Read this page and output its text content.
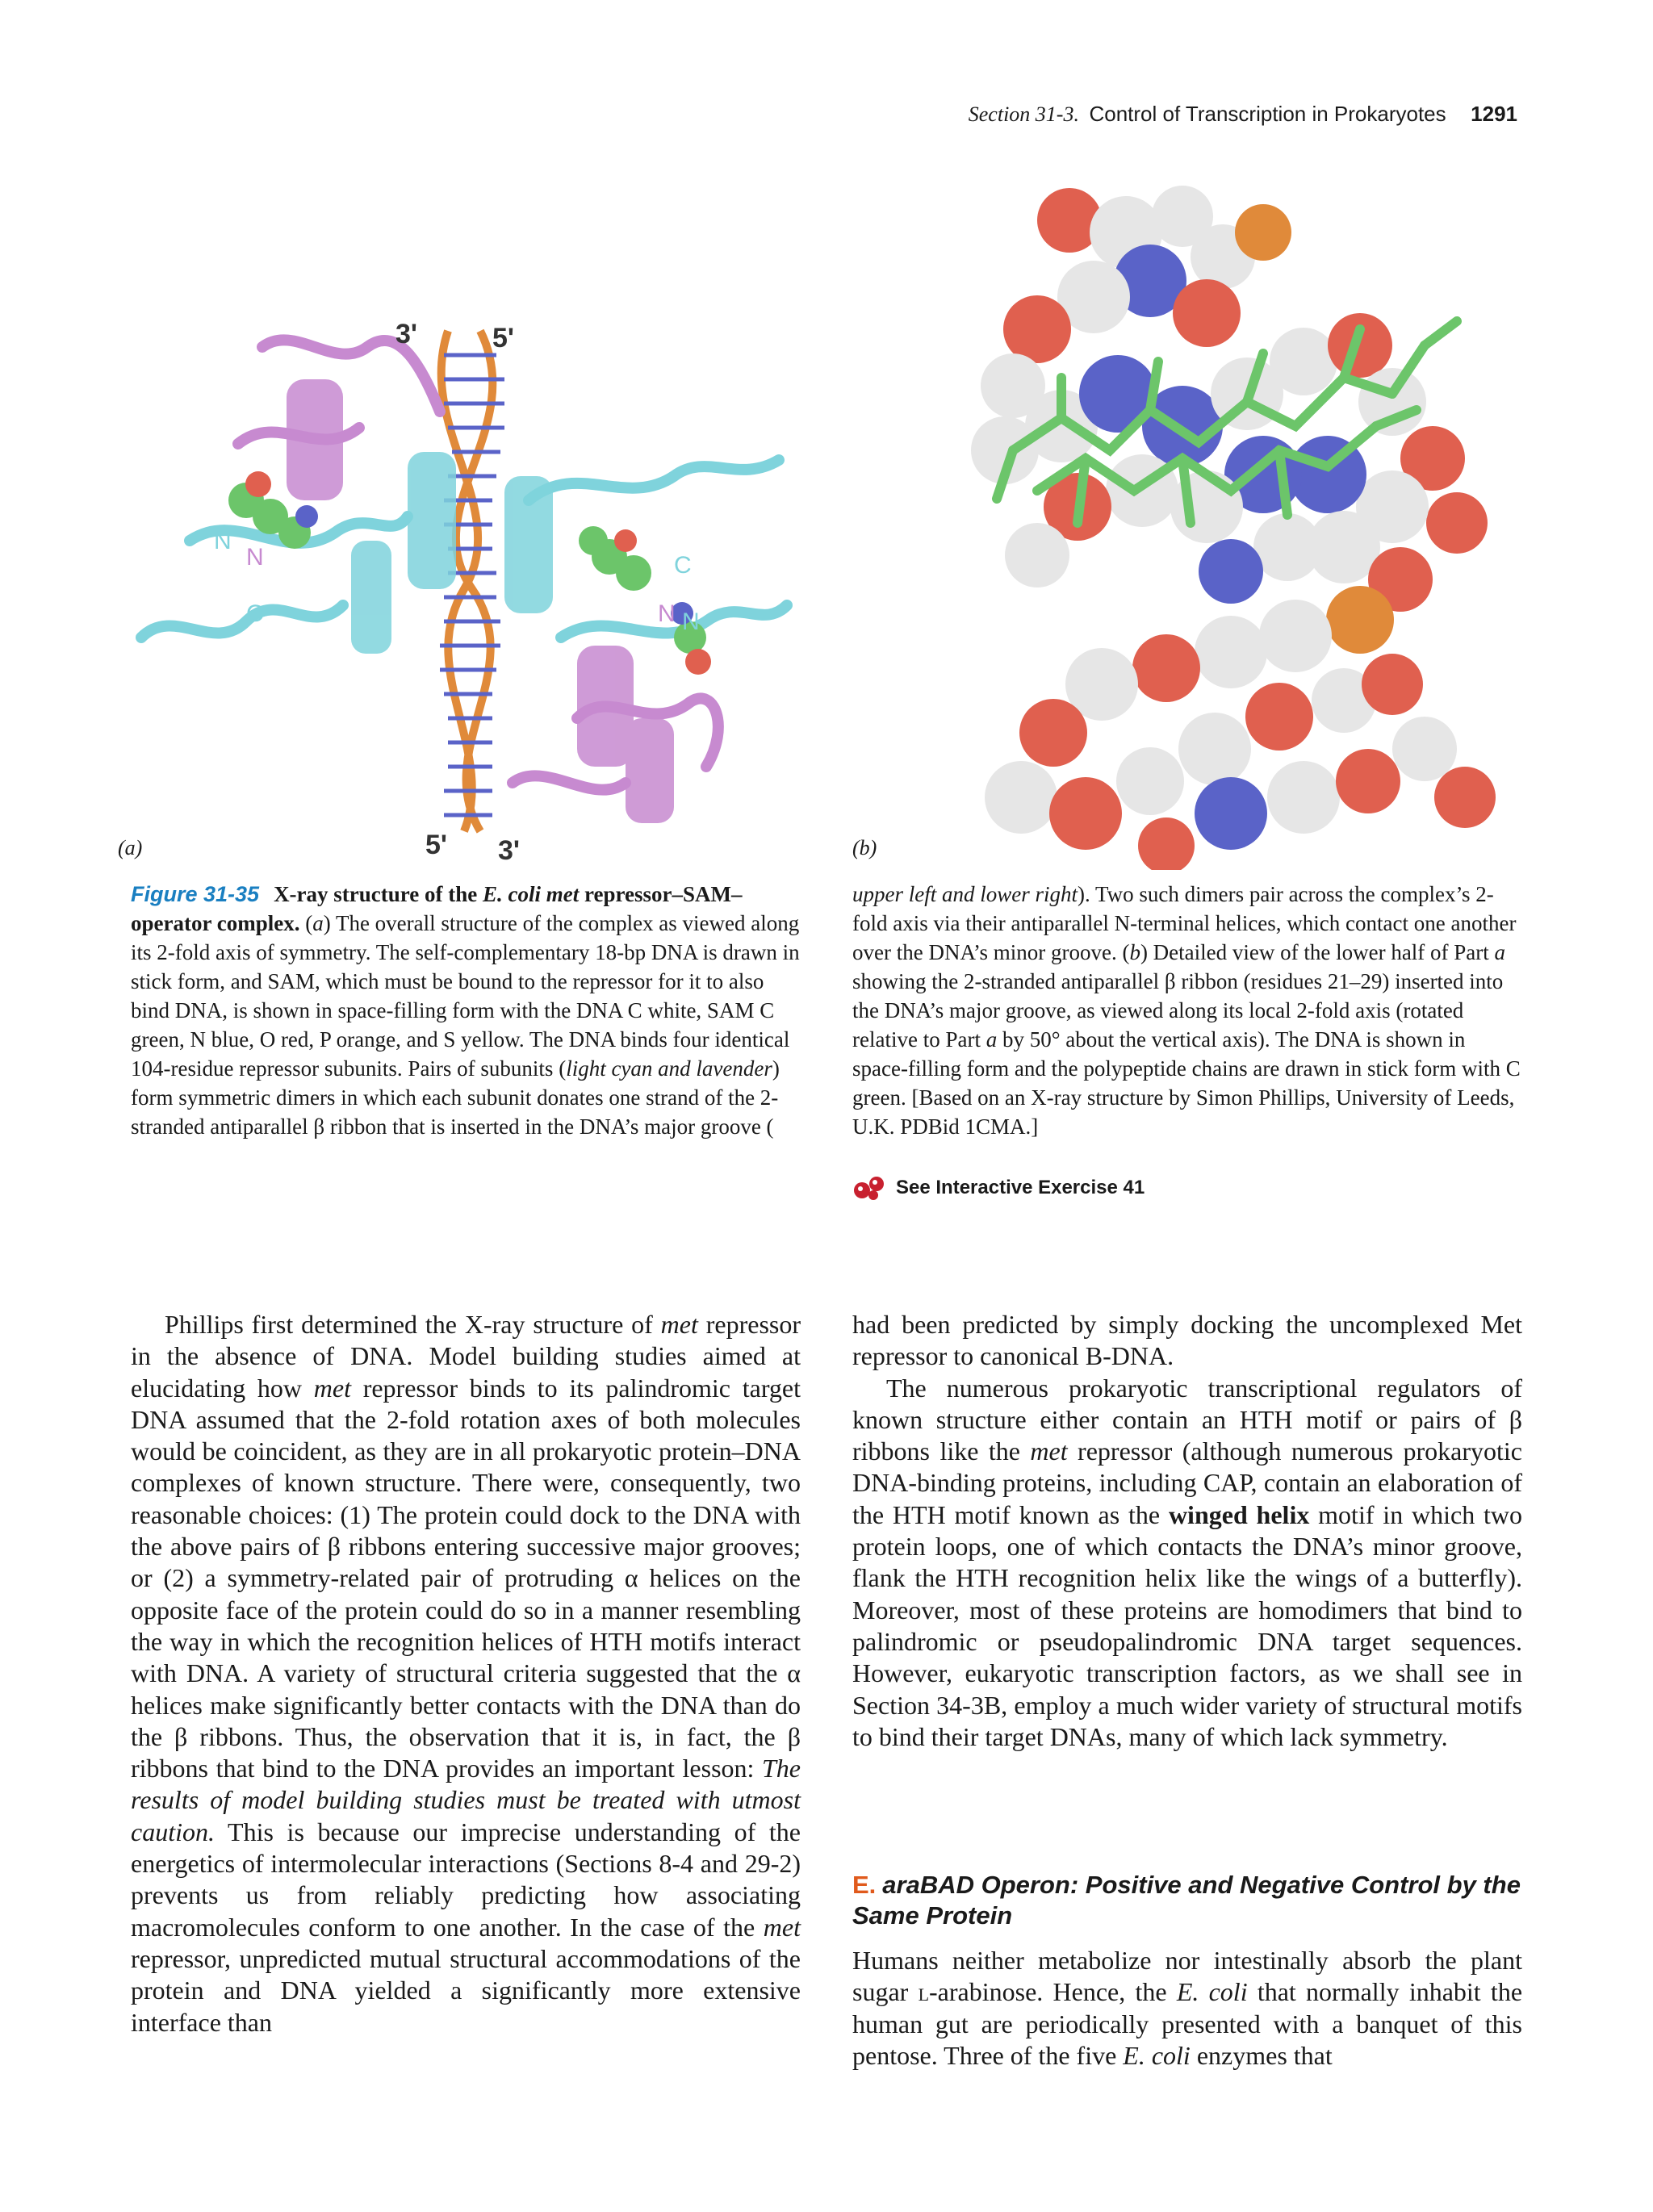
Section 31-3. Control of Transcription in Prokaryotes 1291
3'	5'
5' 3'
N
N
C
C
N N
(a)	(b)
Figure 31-35 X-ray structure of the E. coli met repressor–SAM–operator complex. (a) The overall structure of the complex as viewed along its 2-fold axis of symmetry. The self-complementary 18-bp DNA is drawn in stick form, and SAM, which must be bound to the repressor for it to also bind DNA, is shown in space-filling form with the DNA C white, SAM C green, N blue, O red, P orange, and S yellow. The DNA binds four identical 104-residue repressor subunits. Pairs of subunits (light cyan and lavender) form symmetric dimers in which each subunit donates one strand of the 2-stranded antiparallel β ribbon that is inserted in the DNA’s major groove (
upper left and lower right). Two such dimers pair across the complex’s 2-fold axis via their antiparallel N-terminal helices, which contact one another over the DNA’s minor groove. (b) Detailed view of the lower half of Part a showing the 2-stranded antiparallel β ribbon (residues 21–29) inserted into the DNA’s major groove, as viewed along its local 2-fold axis (rotated relative to Part a by 50° about the vertical axis). The DNA is shown in space-filling form and the polypeptide chains are drawn in stick form with C green. [Based on an X-ray structure by Simon Phillips, University of Leeds, U.K. PDBid 1CMA.]
See Interactive Exercise 41

Phillips first determined the X-ray structure of met repressor in the absence of DNA. Model building studies aimed at elucidating how met repressor binds to its palindromic target DNA assumed that the 2-fold rotation axes of both molecules would be coincident, as they are in all prokaryotic protein–DNA complexes of known structure. There were, consequently, two reasonable choices: (1) The protein could dock to the DNA with the above pairs of β ribbons entering successive major grooves; or (2) a symmetry-related pair of protruding α helices on the opposite face of the protein could do so in a manner resembling the way in which the recognition helices of HTH motifs interact with DNA. A variety of structural criteria suggested that the α helices make significantly better contacts with the DNA than do the β ribbons. Thus, the observation that it is, in fact, the β ribbons that bind to the DNA provides an important lesson: The results of model building studies must be treated with utmost caution. This is because our imprecise understanding of the energetics of intermolecular interactions (Sections 8-4 and 29-2) prevents us from reliably predicting how associating macromolecules conform to one another. In the case of the met repressor, unpredicted mutual structural accommodations of the protein and DNA yielded a significantly more extensive interface than

had been predicted by simply docking the uncomplexed Met repressor to canonical B-DNA.

The numerous prokaryotic transcriptional regulators of known structure either contain an HTH motif or pairs of β ribbons like the met repressor (although numerous prokaryotic DNA-binding proteins, including CAP, contain an elaboration of the HTH motif known as the winged helix motif in which two protein loops, one of which contacts the DNA’s minor groove, flank the HTH recognition helix like the wings of a butterfly). Moreover, most of these proteins are homodimers that bind to palindromic or pseudopalindromic DNA target sequences. However, eukaryotic transcription factors, as we shall see in Section 34-3B, employ a much wider variety of structural motifs to bind their target DNAs, many of which lack symmetry.

E. araBAD Operon: Positive and Negative Control by the Same Protein

Humans neither metabolize nor intestinally absorb the plant sugar l-arabinose. Hence, the E. coli that normally inhabit the human gut are periodically presented with a banquet of this pentose. Three of the five E. coli enzymes that
